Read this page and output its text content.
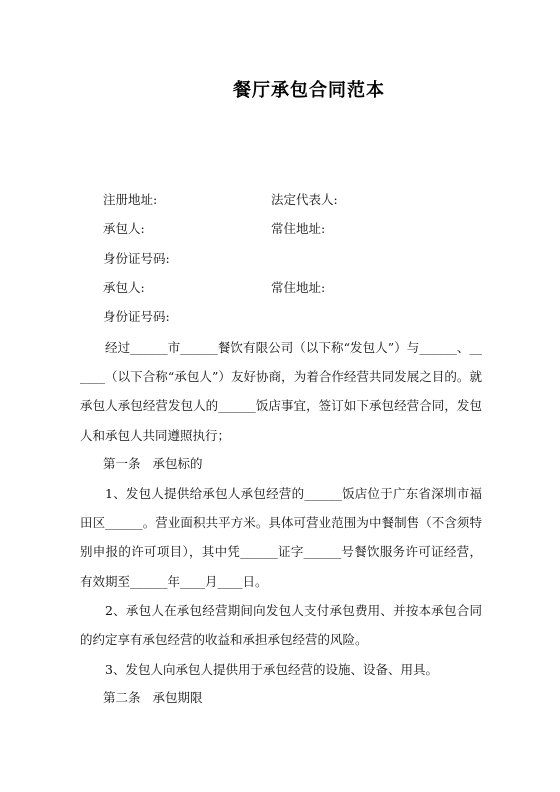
餐厅承包合同范本
注册地址:	法定代表人:
承包人:	常住地址:
身份证号码:
承包人:	常住地址:
身份证号码:
经过______市______餐饮有限公司（以下称“发包人”）与______、______（以下合称“承包人”）友好协商，为着合作经营共同发展之目的。就承包人承包经营发包人的______饭店事宜，签订如下承包经营合同，发包人和承包人共同遵照执行；
第一条 承包标的
1、发包人提供给承包人承包经营的______饭店位于广东省深圳市福田区______。营业面积共平方米。具体可营业范围为中餐制售（不含须特别申报的许可项目），其中凭______证字______号餐饮服务许可证经营，有效期至______年____月____日。
2、承包人在承包经营期间向发包人支付承包费用、并按本承包合同的约定享有承包经营的收益和承担承包经营的风险。
3、发包人向承包人提供用于承包经营的设施、设备、用具。
第二条 承包期限
